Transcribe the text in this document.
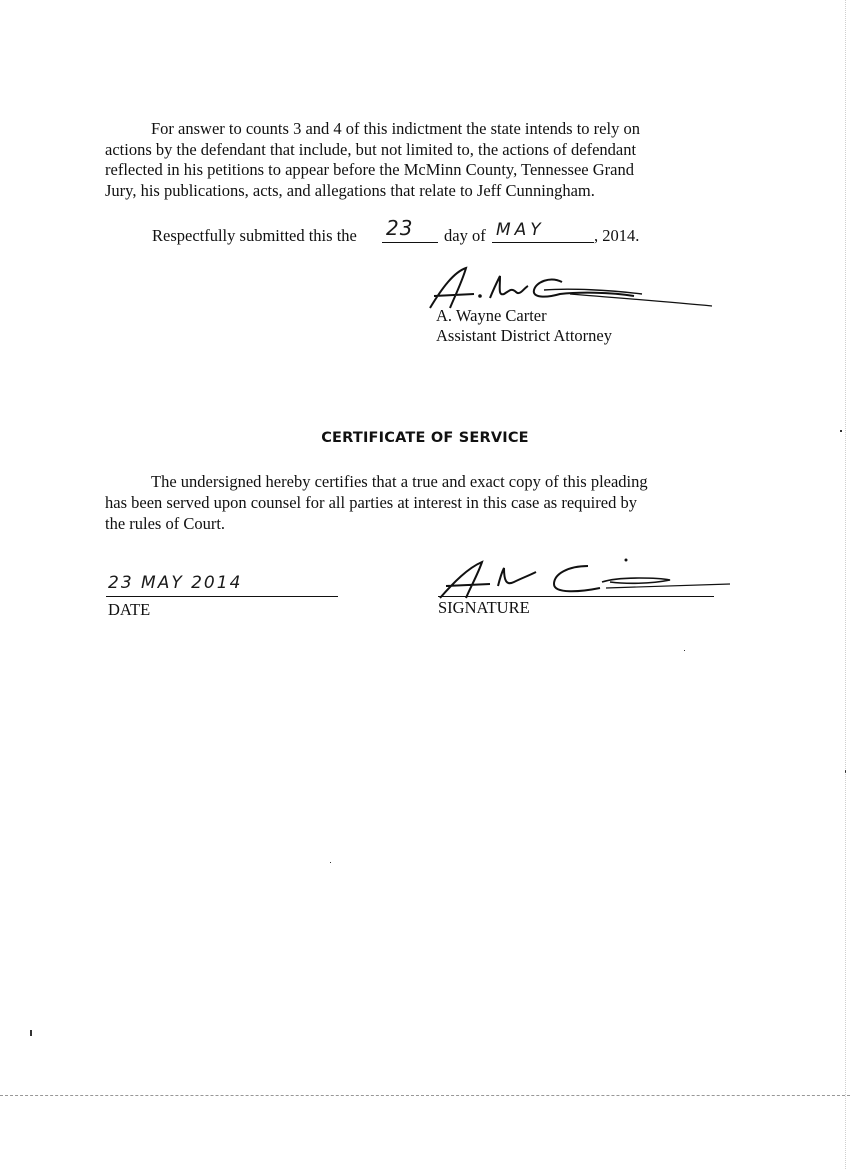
For answer to counts 3 and 4 of this indictment the state intends to rely on
actions by the defendant that include, but not limited to, the actions of defendant
reflected in his petitions to appear before the McMinn County, Tennessee Grand
Jury, his publications, acts, and allegations that relate to Jeff Cunningham.
Respectfully submitted this the 23 day of MAY	, 2014.
A. Wayne Carter
Assistant District Attorney
CERTIFICATE OF SERVICE
The undersigned hereby certifies that a true and exact copy of this pleading
has been served upon counsel for all parties at interest in this case as required by
the rules of Court.
23 MAY 2014
DATE	SIGNATURE
